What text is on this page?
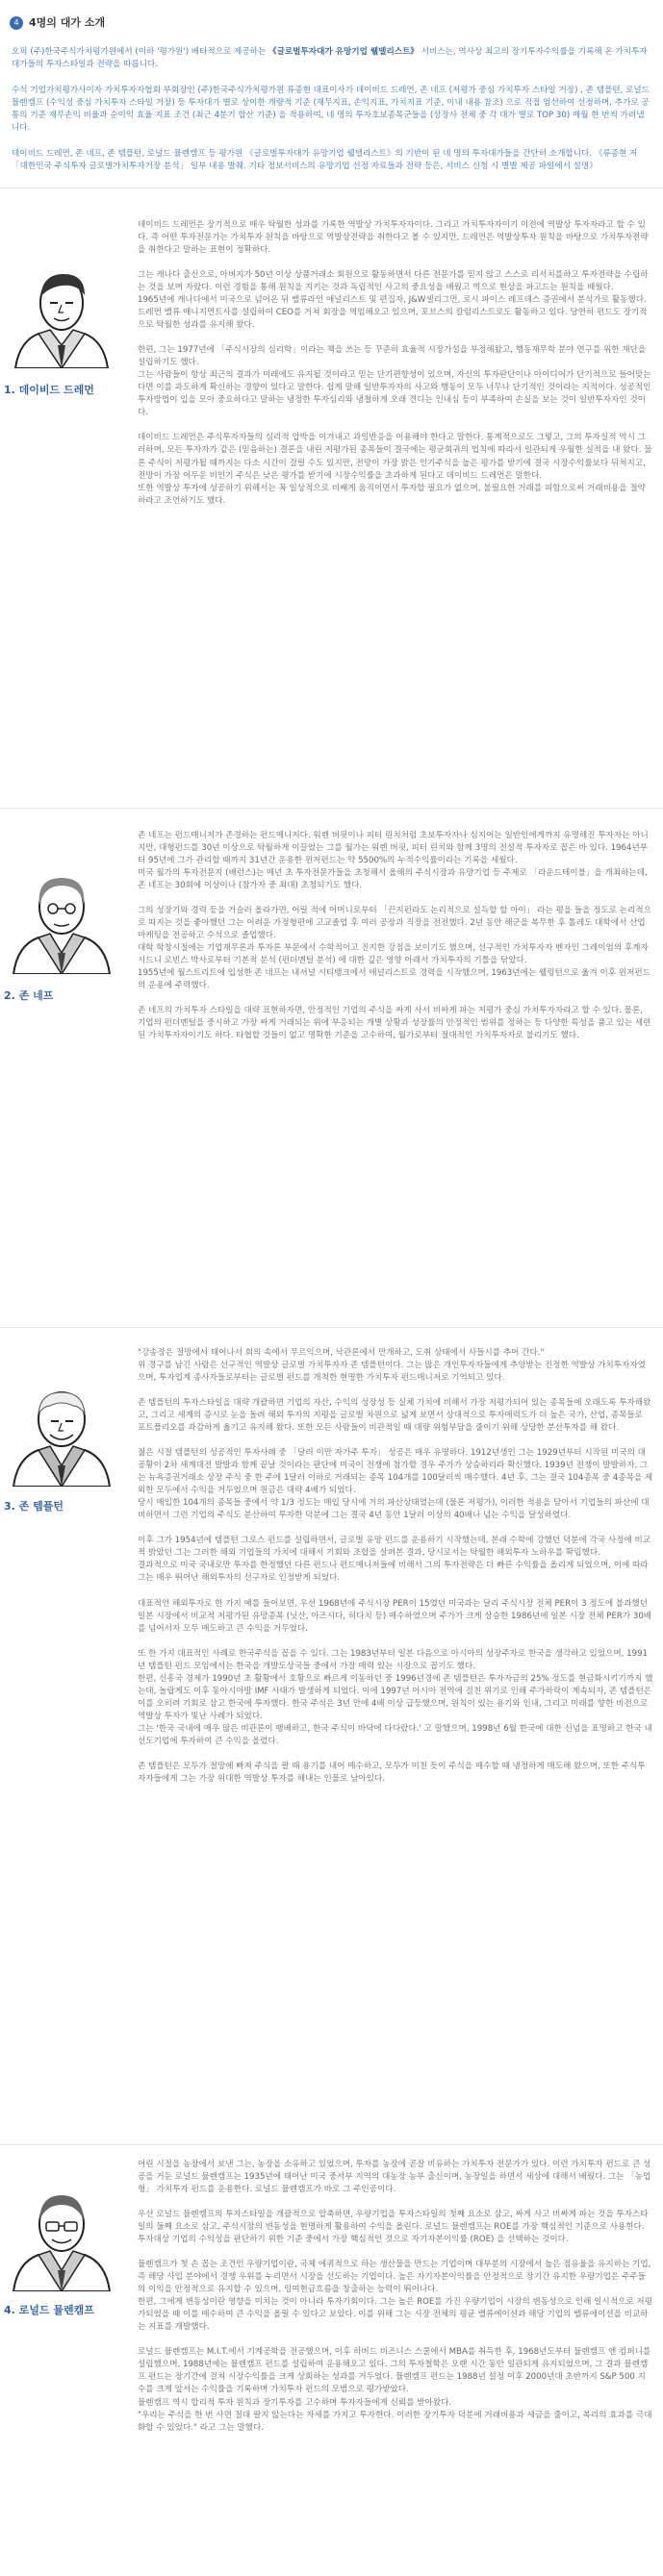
4 4명의 대가 소개

오픽 (주)한국주식가치평가원에서 (이하 '평가원') 배타적으로 제공하는 《글로벌투자대가 유망기업 웰델리스트》 서비스는, 역사상 최고의 장기투자수익률을 기록해 온 가치투자대가들의 투자스타일과 전략을 따릅니다.

수석 기업가치평가사이자 가치투자자협회 부회장인 (주)한국주식가치평가원 류종현 대표이사가 데이비드 드레먼, 존 네프 (저평가 중심 가치투자 스타일 거장) , 존 템플턴, 로널드 뮬렌캠프 (수익성 중심 가치투자 스타일 거장) 등 투자대가 별로 상이한 개량적 기준 (재무지표, 손익지표, 가치지표 기준, 이내 내용 참조) 으로 직접 엄선하여 선정하며, 추가로 공통의 기준 재무손익 비율과 순이익 효율 지표 조건 (최근 4분기 합산 기준) 을 적용하여, 네 명의 투자호보종목군들을 (상장사 전체 중 각 대가 별로 TOP 30) 매월 한 번씩 가려냅니다.

데이비드 드레먼, 존 네프, 존 템플턴, 로널드 뮬렌캠프 등 평가원 《글로벌투자대가 유망기업 웰델리스트》의 기반이 된 네 명의 투자대가들을 간단히 소개합니다. 《류종현 저 「대한민국 주식투자 글로벌가치투자거장 분석」 일부 내용 발췌. 기타 정보서비스의 유망기업 선정 자료들과 전략 등은, 서비스 신청 시 별별 제공 파일에서 설명》

1. 데이비드 드레먼

데이비드 드레먼은 장기적으로 매우 탁월한 성과를 기록한 역발상 가치투자자이다. 그리고 가치투자자이기 이전에 역발상 투자자라고 할 수 있다. 즉 어떤 투자전문가는 가치투자 원칙을 바탕으로 역발상전략을 취한다고 볼 수 있지만, 드레먼은 역발상투자 원칙을 바탕으로 가치투자전략을 취한다고 말하는 표현이 정확하다.

그는 캐나다 출신으로, 아버지가 50년 이상 상품거래소 회원으로 활동하면서 다른 전문가를 믿지 않고 스스로 리서치를하고 투자전략을 수립하는 것을 보며 자랐다. 이런 경험을 통해 원칙을 지키는 것과 독립적인 사고의 중요성을 배웠고 역으로 현상을 파고드는 원칙을 배웠다.
1965년에 캐나다에서 미국으로 넘어온 뒤 벨류라인 애널리스트 및 편집자, J&W셀리그먼, 로시 파이스 레프데스 증권에서 분석가로 활동했다. 드레먼 밸류 매니지먼트사를 설립하여 CEO를 거쳐 회장을 역임해오고 있으며, 포브스의 칼럼리스트로도 활동하고 있다. 당연히 펀드도 장기적으로 탁월한 성과를 유지해 왔다.

한편, 그는 1977년에 「주식시장의 심리학」이라는 책을 쓰는 등 꾸준히 효율적 시장가설을 부정해왔고, 행동재무학 분야 연구를 위한 재단을 설립하기도 했다.
그는 사람들이 항상 최근의 결과가 미래에도 유지될 것이라고 믿는 단기편향성이 있으며, 자신의 투자판단이나 아이디어가 단기적으로 들어맞는다면 이를 과도하게 확신하는 경향이 있다고 말한다. 쉽게 말해 일반투자자의 사고와 행동이 모두 너무나 단기적인 것이라는 지적이다. 성공적인 투자방법이 입을 모아 중요하다고 말하는 냉정한 투자심리와 냉철하게 오래 견디는 인내심 등이 부족하여 손실을 보는 것이 일반투자자인 것이다.

데이비드 드레먼은 주식투자자들의 심리적 압박을 이겨내고 과잉반응을 이용해야 한다고 말한다. 통계적으로도 그렇고, 그의 투자실적 역시 그러하며, 모든 투자자가 같은 (믿음하는) 결론을 내린 저평가된 종목들이 결국에는 평균회귀의 법칙에 따라서 일관되게 우월한 실적을 내 왔다. 물론 주식이 저평가될 때까지는 다소 시간이 걸릴 수도 있지만, 전망이 가장 밝은 인기주식을 높은 평가를 받기에 결국 시장수익률보다 뒤쳐지고, 전망이 가장 어두운 비인기 주식은 낮은 평가를 받기에 시장수익률을 초과하게 된다고 데이비드 드레먼은 말한다.
또한 역발상 투자에 성공하기 위해서는 꼭 일상적으로 비쌔게 움직이면서 투자할 필요가 없으며, 불필요한 거래를 피함으로써 거래비용을 절약하라고 조언하기도 했다.

2. 존 네프

존 네프는 펀드매니저가 존경하는 펀드매니저다. 워렌 버핏이나 피터 린치처럼 초보투자자나 심지어는 일반인에게까지 유명해진 투자자는 아니지만, 대형펀드를 30년 이상으로 탁월하게 이끌었는 그를 월가는 워렌 버핏, 피터 린치와 함께 3명의 전설적 투자자로 꼽은 바 있다. 1964년부터 95년에 그가 관리할 때까지 31년간 운용한 윈저펀드는 약 5500%의 누적수익률이라는 기록을 세웠다.
미국 월가의 투자전문지 (배런스)는 매년 초 투자전문가들을 초청해서 올해의 주식시장과 유망기업 등 주제로 「라운드테이블」을 개최하는데, 존 네프는 30회에 이상이나 (참가자 중 최대) 초청되기도 했다.

그의 성장기와 경력 등을 거슬러 올라가면, 어릴 적에 어머니로부터 「끈지펀라도 논리적으로 설득할 할 아이」 라는 평을 들을 정도로 논리적으로 따지는 것을 좋아했던 그는 어려운 가정형편에 고교졸업 후 여러 공장과 직장을 전전했다. 2년 동안 해군을 복무한 후 톨레도 대학에서 산업마케팅을 전공하고 수석으로 졸업했다.
대학 학창시절에는 기업재무론과 투자론 부문에서 수학적이고 진지한 강점을 보이기도 했으며, 선구적인 가치투자자 벤자민 그레이엄의 후계자 시드니 로빈스 박사로부터 기본적 분석 (펀더멘털 분석) 에 대한 깊은 영향 아래서 가치투자의 기틀을 닦았다.
1955년에 월스트리트에 입성한 존 네프는 내셔널 시티뱅크에서 애널리스트로 경력을 시작했으며, 1963년에는 웰링턴으로 옮겨 이후 윈저펀드의 운용에 주력했다.

존 네프의 가치투자 스타일을 대략 표현하자면, 안정적인 기업의 주식을 싸게 사서 비싸게 파는 저평가 중심 가치투자자라고 할 수 있다. 물론, 기업의 펀더멘털을 중시하고 가장 싸게 거래되는 위에 부응되는 개별 상황과 성장률의 안정적인 범위를 정하는 등 다양한 특성을 품고 있는 세련된 가치투자자이기도 하다. 타협할 것들이 없고 명확한 기준을 고수하여, 월가로부터 절대적인 가치투자자로 불리기도 했다.

3. 존 템플턴

"강송장은 절망에서 태어나서 회의 속에서 무르익으며, 낙관론에서 만개하고, 도취 상태에서 사들시를 추어 간다."
위 경구를 남긴 사람은 선구적인 역발상 글로벌 가치투자자 존 템플턴이다. 그는 많은 개인투자자들에게 추앙받는 진정한 역발상 가치투자자였으며, 투자업계 종사자들로부터는 글로벌 펀드를 개척한 현명한 가치투자 펀드매니저로 기억되고 있다.

존 템플턴의 투자스타일을 대략 개괄하면 기업의 자산, 수익의 성장성 등 실체 가치에 비해서 가장 저평가되어 있는 종목들에 오래도록 투자해왔고, 그리고 세계의 증시로 눈을 돌려 해외 투자의 지평을 글로벌 차원으로 넓게 보면서 상대적으로 투자매력도가 더 높은 국가, 산업, 종목들로 포트폴리오를 과감하게 옮기고 유지해 왔다. 또한 모든 사람들이 비관적일 때 대량 위험부담을 줄이기 위해 상당한 분산투자를 해 왔다.

젊은 시절 템플턴의 성공적인 투자사례 중 「달러 이만 자가주 투자」 성공은 매우 유명하다. 1912년생인 그는 1929년부터 시작된 미국의 대공황이 2차 세계대전 발발과 함께 끝날 것이라는 판단에 미국이 전쟁에 참가할 경우 주가가 상승하리라 확신했다. 1939년 전쟁이 발발하자, 그는 뉴욕증권거래소 상장 주식 중 한 주에 1달러 이하로 거래되는 종목 104개를 100달러씩 매수했다. 4년 후, 그는 결국 104종목 중 4종목을 제외한 모두에서 수익을 거두었으며 원금은 대략 4배가 되었다.
당시 매입한 104개의 종목들 중에서 약 1/3 정도는 매입 당시에 거의 파산상태였는데 (물론 저평가), 이러한 적용을 담아서 기업들의 파산에 대비하면서 그런 기업의 주식도 분산하여 투자한 덕분에 그는 결국 4년 동안 1달러 이상의 40배나 넘는 수익을 달성하였다.

이후 그가 1954년에 템플턴 그로스 펀드를 설립하면서, 글로벌 유망 펀드를 운용하기 시작했는데, 본래 수학에 강했던 덕분에 각국 사정에 비교적 밝았던 그는 그러한 해외 기업들의 가치에 대해서 기회와 조합을 살펴본 결과, 당시로서는 탁월한 해외투자 노하우를 확립했다.
결과적으로 미국 국내로만 투자를 한정했던 다른 펀드나 펀드매니저들에 비해서 그의 투자전략은 더 빠른 수익률을 올리게 되었으며, 이에 따라 그는 매우 뛰어난 해외투자의 선구자로 인정받게 되었다.

대표적인 해외투자로 한 가지 예를 들어보면, 우선 1968년에 주식시장 PER이 15였던 미국과는 달리 주식시장 전체 PER이 3 정도에 불과했던 일본 시장에서 비교적 저평가된 유망종목 (닛산, 아즈시다, 히다치 등) 매수하였으며 주가가 크게 상승한 1986년에 일본 시장 전체 PER가 30배를 넘어서자 모두 매도하고 큰 수익을 거두었다.

또 한 가지 대표적인 사례로 한국주식을 꼽을 수 있다. 그는 1983년부터 일본 다음으로 아시아의 성장주자로 한국을 생각하고 있었으며, 1991년 템플턴 펀드 모임에서는 한국을 개발도상국들 중에서 가장 매력 있는 시장으로 꼽기도 했다.
한편, 신흥국 경제가 1990년 초 활황에서 호황으로 빠르게 이동하던 중 1996년경에 존 템플턴은 투자자금의 25% 정도를 현금화시키기까지 했는데, 놀랍게도 이후 동아시아발 IMF 사태가 발생하게 되었다. 이에 1997년 아시아 전역에 걸친 위기로 인해 주가하락이 계속되자, 존 템플턴은 이를 오히려 기회로 삼고 한국에 투자했다. 한국 주식은 3년 만에 4배 이상 급등했으며, 원칙이 있는 용기와 인내, 그리고 미래를 향한 비전으로 역발상 투자가 빛난 사례가 되었다.
그는 '한국 국내에 매우 많은 비관론이 팽배하고, 한국 주식이 바닥에 다다랐다.' 고 말했으며, 1998년 6월 한국에 대한 신념을 표명하고 한국 내 선도기업에 투자하여 큰 수익을 올렸다.

존 템플턴은 모두가 절망에 빠져 주식을 팔 때 용기를 내어 매수하고, 모두가 미친 듯이 주식을 매수할 때 냉정하게 매도해 왔으며, 또한 주식투자자들에게 그는 가장 위대한 역발상 투자를 해내는 인물로 남아있다.

4. 로널드 뮬렌캠프

어린 시절을 농장에서 보낸 그는, 농장을 소유하고 있었으며, 투자를 농장에 곧잘 비유하는 가치투자 전문가가 있다. 이런 가치투자 펀드로 큰 성공을 거둔 로널드 뮬렌캠프는 1935년에 태어난 미국 중서부 지역의 대농장 농부 출신이며, 농장일을 하면서 세상에 대해서 배웠다. 그는 「농업형」 가치투자 펀드를 운용한다. 로널드 뮬렌캠프가 바로 그 주인공이다.

우선 로널드 뮬렌캠프의 투자스타일을 개괄적으로 압축하면, 우량기업을 투자스타일의 첫째 요소로 삼고, 싸게 사고 비싸게 파는 것을 투자스타일의 둘째 요소로 삼고, 주식시장의 변동성을 현명하게 활용하여 수익을 올린다. 로널드 뮬렌캠프는 ROE를 가장 핵심적인 기준으로 사용한다. 투자대상 기업의 수익성을 판단하기 위한 기준 중에서 가장 핵심적인 것으로 자기자본이익률 (ROE) 을 선택하는 것이다.

뮬렌캠프가 첫 손 꼽는 조건인 우량기업이란, 국제 에퀴적으로 하는 생산물을 만드는 기업이며 대부분의 시장에서 높은 점유율을 유지하는 기업, 즉 해당 사업 분야에서 경쟁 우위를 누리면서 시장을 선도하는 기업이다. 높은 자기자본이익률을 안정적으로 장기간 유지한 우량기업은 주주들의 이익을 안정적으로 유지할 수 있으며, 잉여현금흐름을 창출하는 능력이 뛰어나다.
한편, 그에게 변동성이란 영향을 미치는 것이 아니라 투자기회이다. 그는 높은 ROE를 가진 우량기업이 시장의 변동성으로 인해 일시적으로 저평가되었을 때 이를 매수하여 큰 수익을 올릴 수 있다고 보았다. 이를 위해 그는 시장 전체의 평균 밸류에이션과 해당 기업의 밸류에이션을 비교하는 지표를 개발했다.

로널드 뮬렌캠프는 M.I.T.에서 기계공학을 전공했으며, 이후 하버드 비즈니스 스쿨에서 MBA를 취득한 후, 1968년도부터 뮬렌캠프 앤 컴퍼니를 설립했으며, 1988년에는 뮬렌캠프 펀드를 설립하여 운용해오고 있다. 그의 투자철학은 오랜 시간 동안 일관되게 유지되었으며, 그 결과 뮬렌캠프 펀드는 장기간에 걸쳐 시장수익률을 크게 상회하는 성과를 거두었다. 뮬렌캠프 펀드는 1988년 설정 이후 2000년대 초반까지 S&P 500 지수를 크게 앞서는 수익률을 기록하며 가치투자 펀드의 모범으로 평가받았다.
뮬렌캠프 역시 합리적 투자 원칙과 장기투자를 고수하며 투자자들에게 신뢰를 받아왔다.
"우리는 주식을 한 번 사면 절대 팔지 않는다는 자세를 가지고 투자한다. 이러한 장기투자 덕분에 거래비용과 세금을 줄이고, 복리의 효과를 극대화할 수 있었다." 라고 그는 말했다.
